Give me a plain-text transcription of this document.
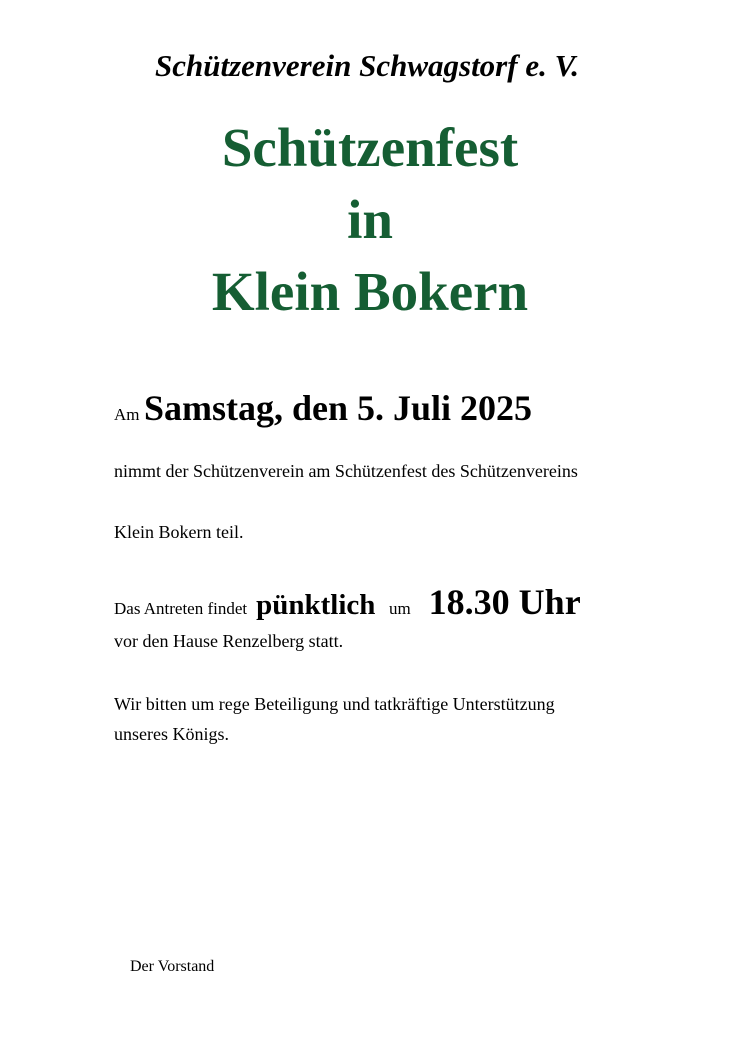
Schützenverein Schwagstorf e. V.
Schützenfest
in
Klein Bokern

Am Samstag, den 5. Juli 2025

nimmt der Schützenverein am Schützenfest des Schützenvereins

Klein Bokern teil.

Das Antreten findet pünktlich um 18.30 Uhr

vor den Hause Renzelberg statt.

Wir bitten um rege Beteiligung und tatkräftige Unterstützung
unseres Königs.

Der Vorstand
